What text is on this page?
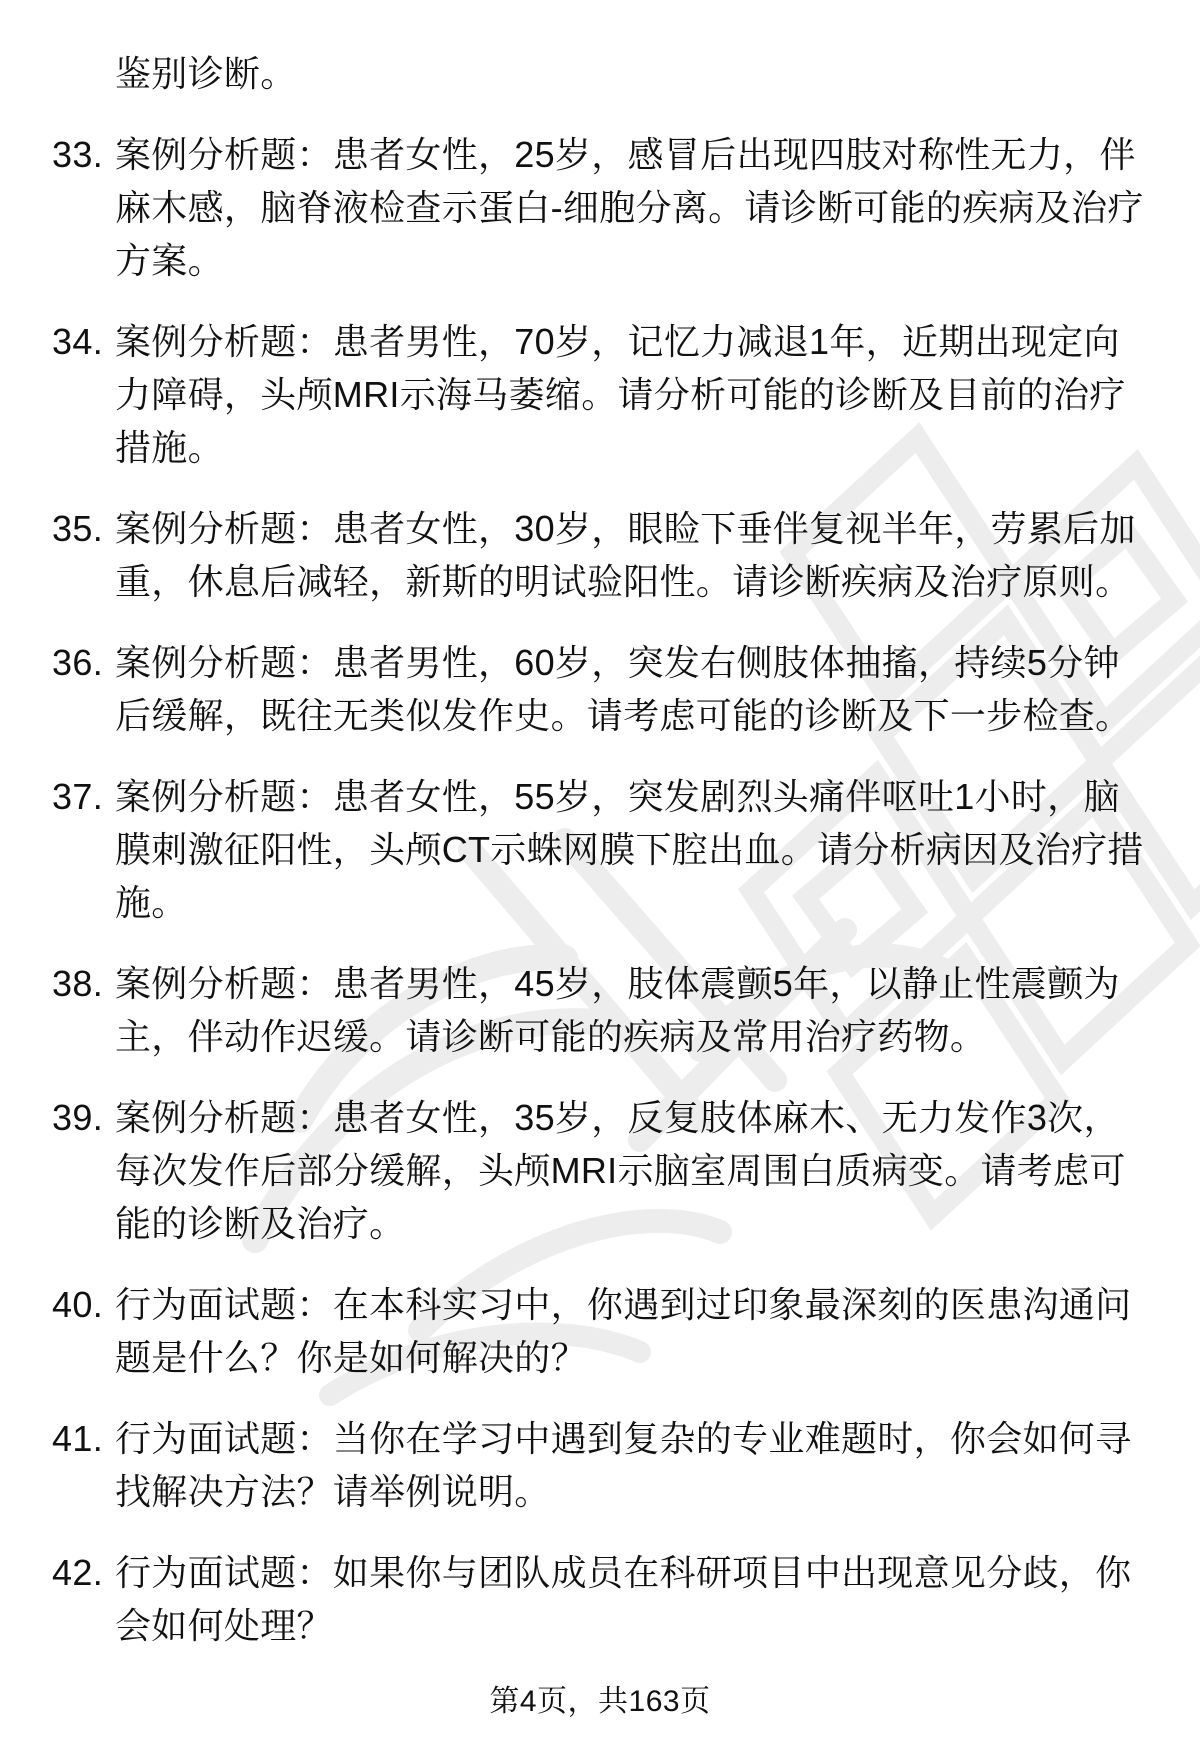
鉴别诊断。

33. 案例分析题：患者女性，25岁，感冒后出现四肢对称性无力，伴麻木感，脑脊液检查示蛋白-细胞分离。请诊断可能的疾病及治疗方案。
34. 案例分析题：患者男性，70岁，记忆力减退1年，近期出现定向力障碍，头颅MRI示海马萎缩。请分析可能的诊断及目前的治疗措施。
35. 案例分析题：患者女性，30岁，眼睑下垂伴复视半年，劳累后加重，休息后减轻，新斯的明试验阳性。请诊断疾病及治疗原则。
36. 案例分析题：患者男性，60岁，突发右侧肢体抽搐，持续5分钟后缓解，既往无类似发作史。请考虑可能的诊断及下一步检查。
37. 案例分析题：患者女性，55岁，突发剧烈头痛伴呕吐1小时，脑膜刺激征阳性，头颅CT示蛛网膜下腔出血。请分析病因及治疗措施。
38. 案例分析题：患者男性，45岁，肢体震颤5年，以静止性震颤为主，伴动作迟缓。请诊断可能的疾病及常用治疗药物。
39. 案例分析题：患者女性，35岁，反复肢体麻木、无力发作3次，每次发作后部分缓解，头颅MRI示脑室周围白质病变。请考虑可能的诊断及治疗。
40. 行为面试题：在本科实习中，你遇到过印象最深刻的医患沟通问题是什么？你是如何解决的？
41. 行为面试题：当你在学习中遇到复杂的专业难题时，你会如何寻找解决方法？请举例说明。
42. 行为面试题：如果你与团队成员在科研项目中出现意见分歧，你会如何处理？
第4页，共163页
